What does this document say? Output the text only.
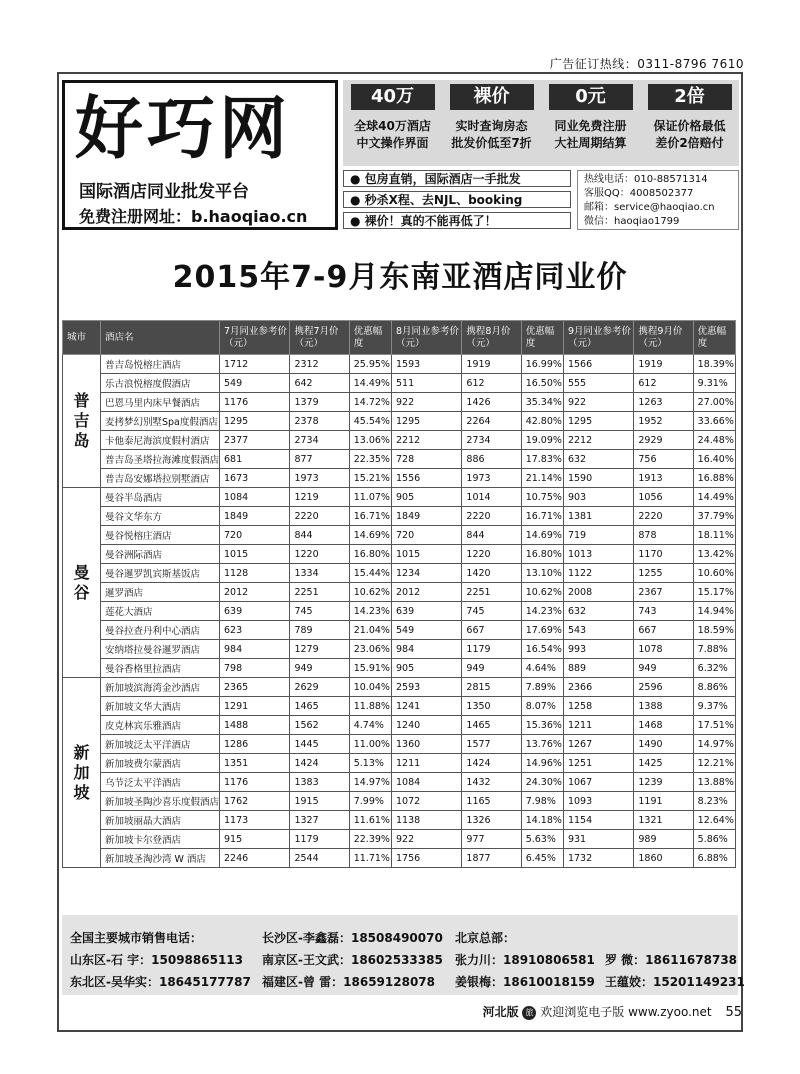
广告征订热线：0311-8796 7610
好巧网
国际酒店同业批发平台
免费注册网址：b.haoqiao.cn
40万
全球40万酒店
中文操作界面
裸价
实时查询房态
批发价低至7折
0元
同业免费注册
大社周期结算
2倍
保证价格最低
差价2倍赔付
● 包房直销，国际酒店一手批发
● 秒杀X程、去NJL、booking
● 裸价！真的不能再低了！
热线电话：010-88571314
客服QQ：4008502377
邮箱：service@haoqiao.cn
微信：haoqiao1799
2015年7-9月东南亚酒店同业价
城市	酒店名	7月同业参考价（元）	携程7月价（元）	优惠幅度	8月同业参考价（元）	携程8月价（元）	优惠幅度	9月同业参考价（元）	携程9月价（元）	优惠幅度
普吉岛	普吉岛悦榕庄酒店	1712	2312	25.95%	1593	1919	16.99%	1566	1919	18.39%
	乐古浪悦榕度假酒店	549	642	14.49%	511	612	16.50%	555	612	9.31%
	巴恩马里内床早餐酒店	1176	1379	14.72%	922	1426	35.34%	922	1263	27.00%
	麦拷梦幻别墅Spa度假酒店	1295	2378	45.54%	1295	2264	42.80%	1295	1952	33.66%
	卡他泰尼海滨度假村酒店	2377	2734	13.06%	2212	2734	19.09%	2212	2929	24.48%
	普吉岛圣塔拉海滩度假酒店	681	877	22.35%	728	886	17.83%	632	756	16.40%
	普吉岛安娜塔拉别墅酒店	1673	1973	15.21%	1556	1973	21.14%	1590	1913	16.88%
曼谷	曼谷半岛酒店	1084	1219	11.07%	905	1014	10.75%	903	1056	14.49%
	曼谷文华东方	1849	2220	16.71%	1849	2220	16.71%	1381	2220	37.79%
	曼谷悦榕庄酒店	720	844	14.69%	720	844	14.69%	719	878	18.11%
	曼谷洲际酒店	1015	1220	16.80%	1015	1220	16.80%	1013	1170	13.42%
	曼谷暹罗凯宾斯基饭店	1128	1334	15.44%	1234	1420	13.10%	1122	1255	10.60%
	暹罗酒店	2012	2251	10.62%	2012	2251	10.62%	2008	2367	15.17%
	莲花大酒店	639	745	14.23%	639	745	14.23%	632	743	14.94%
	曼谷拉查丹利中心酒店	623	789	21.04%	549	667	17.69%	543	667	18.59%
	安纳塔拉曼谷暹罗酒店	984	1279	23.06%	984	1179	16.54%	993	1078	7.88%
	曼谷香格里拉酒店	798	949	15.91%	905	949	4.64%	889	949	6.32%
新加坡	新加坡滨海湾金沙酒店	2365	2629	10.04%	2593	2815	7.89%	2366	2596	8.86%
	新加坡文华大酒店	1291	1465	11.88%	1241	1350	8.07%	1258	1388	9.37%
	皮克林宾乐雅酒店	1488	1562	4.74%	1240	1465	15.36%	1211	1468	17.51%
	新加坡泛太平洋酒店	1286	1445	11.00%	1360	1577	13.76%	1267	1490	14.97%
	新加坡费尔蒙酒店	1351	1424	5.13%	1211	1424	14.96%	1251	1425	12.21%
	乌节泛太平洋酒店	1176	1383	14.97%	1084	1432	24.30%	1067	1239	13.88%
	新加坡圣陶沙喜乐度假酒店	1762	1915	7.99%	1072	1165	7.98%	1093	1191	8.23%
	新加坡丽晶大酒店	1173	1327	11.61%	1138	1326	14.18%	1154	1321	12.64%
	新加坡卡尔登酒店	915	1179	22.39%	922	977	5.63%	931	989	5.86%
	新加坡圣淘沙湾 W 酒店	2246	2544	11.71%	1756	1877	6.45%	1732	1860	6.88%
全国主要城市销售电话：
山东区-石 宇：15098865113
东北区-吴华实：18645177787
长沙区-李鑫磊：18508490070
南京区-王文武：18602533385
福建区-曾 雷：18659128078
北京总部：
张力川：18910806581
姜银梅：18610018159
罗 微：18611678738
王蕴姣：15201149231
河北版 旅 欢迎浏览电子版 www.zyoo.net 55
